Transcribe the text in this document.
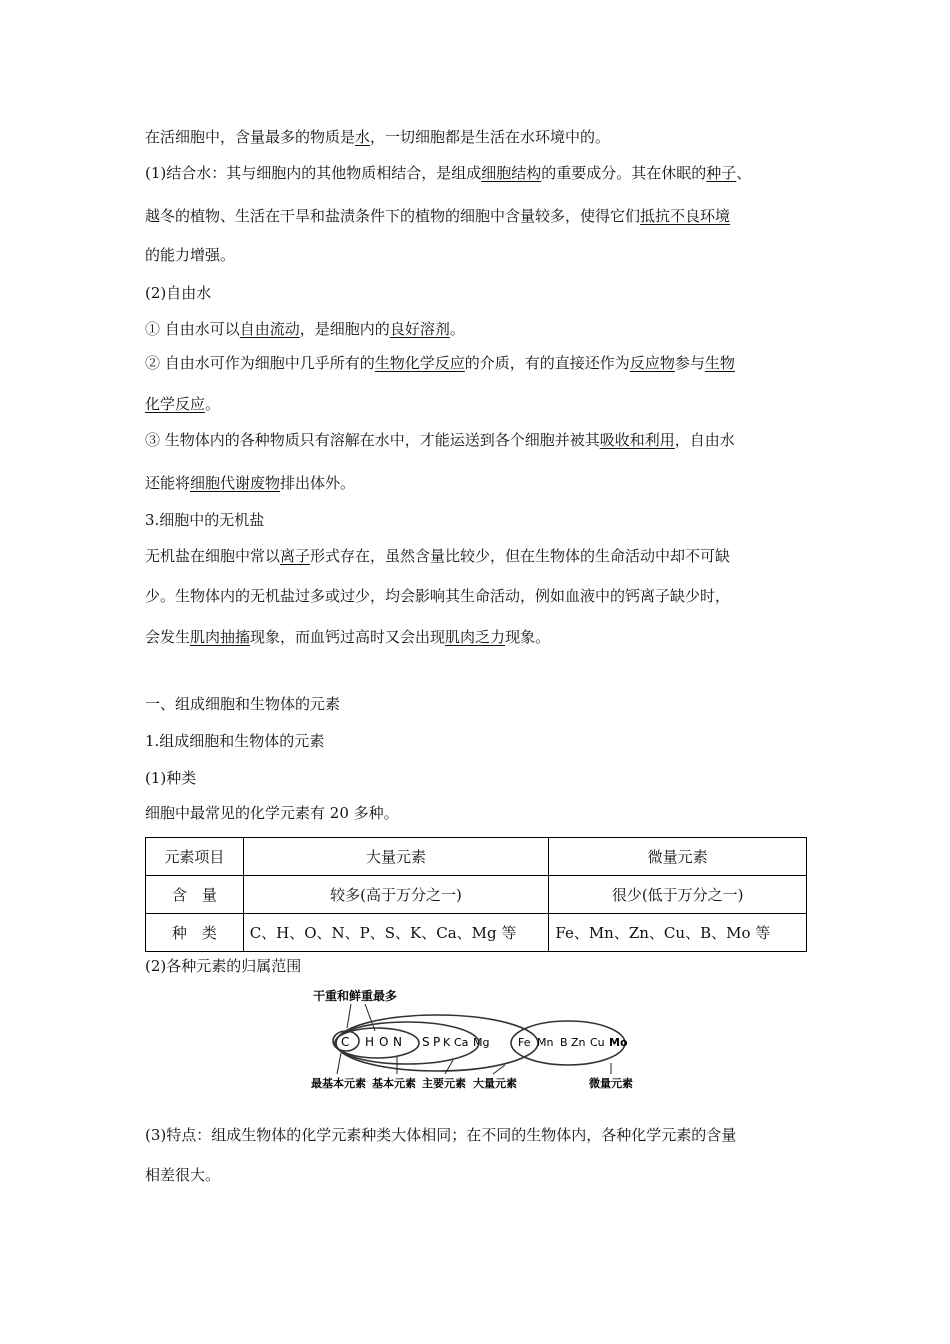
在活细胞中，含量最多的物质是水，一切细胞都是生活在水环境中的。
(1)结合水：其与细胞内的其他物质相结合，是组成细胞结构的重要成分。其在休眠的种子、
越冬的植物、生活在干旱和盐渍条件下的植物的细胞中含量较多，使得它们抵抗不良环境
的能力增强。
(2)自由水
① 自由水可以自由流动，是细胞内的良好溶剂。
② 自由水可作为细胞中几乎所有的生物化学反应的介质，有的直接还作为反应物参与生物
化学反应。
③ 生物体内的各种物质只有溶解在水中，才能运送到各个细胞并被其吸收和利用，自由水
还能将细胞代谢废物排出体外。
3.细胞中的无机盐
无机盐在细胞中常以离子形式存在，虽然含量比较少，但在生物体的生命活动中却不可缺
少。生物体内的无机盐过多或过少，均会影响其生命活动，例如血液中的钙离子缺少时，
会发生肌肉抽搐现象，而血钙过高时又会出现肌肉乏力现象。
一、组成细胞和生物体的元素
1.组成细胞和生物体的元素
(1)种类
细胞中最常见的化学元素有 20 多种。
元素项目	大量元素	微量元素
含　量	较多(高于万分之一)	很少(低于万分之一)
种　类	C、H、O、N、P、S、K、Ca、Mg 等	Fe、Mn、Zn、Cu、B、Mo 等
(2)各种元素的归属范围
干重和鲜重最多
C H O N S P K Ca Mg	Fe Mn B Zn Cu Mo
最基本元素 基本元素 主要元素 大量元素	微量元素
(3)特点：组成生物体的化学元素种类大体相同；在不同的生物体内，各种化学元素的含量
相差很大。
